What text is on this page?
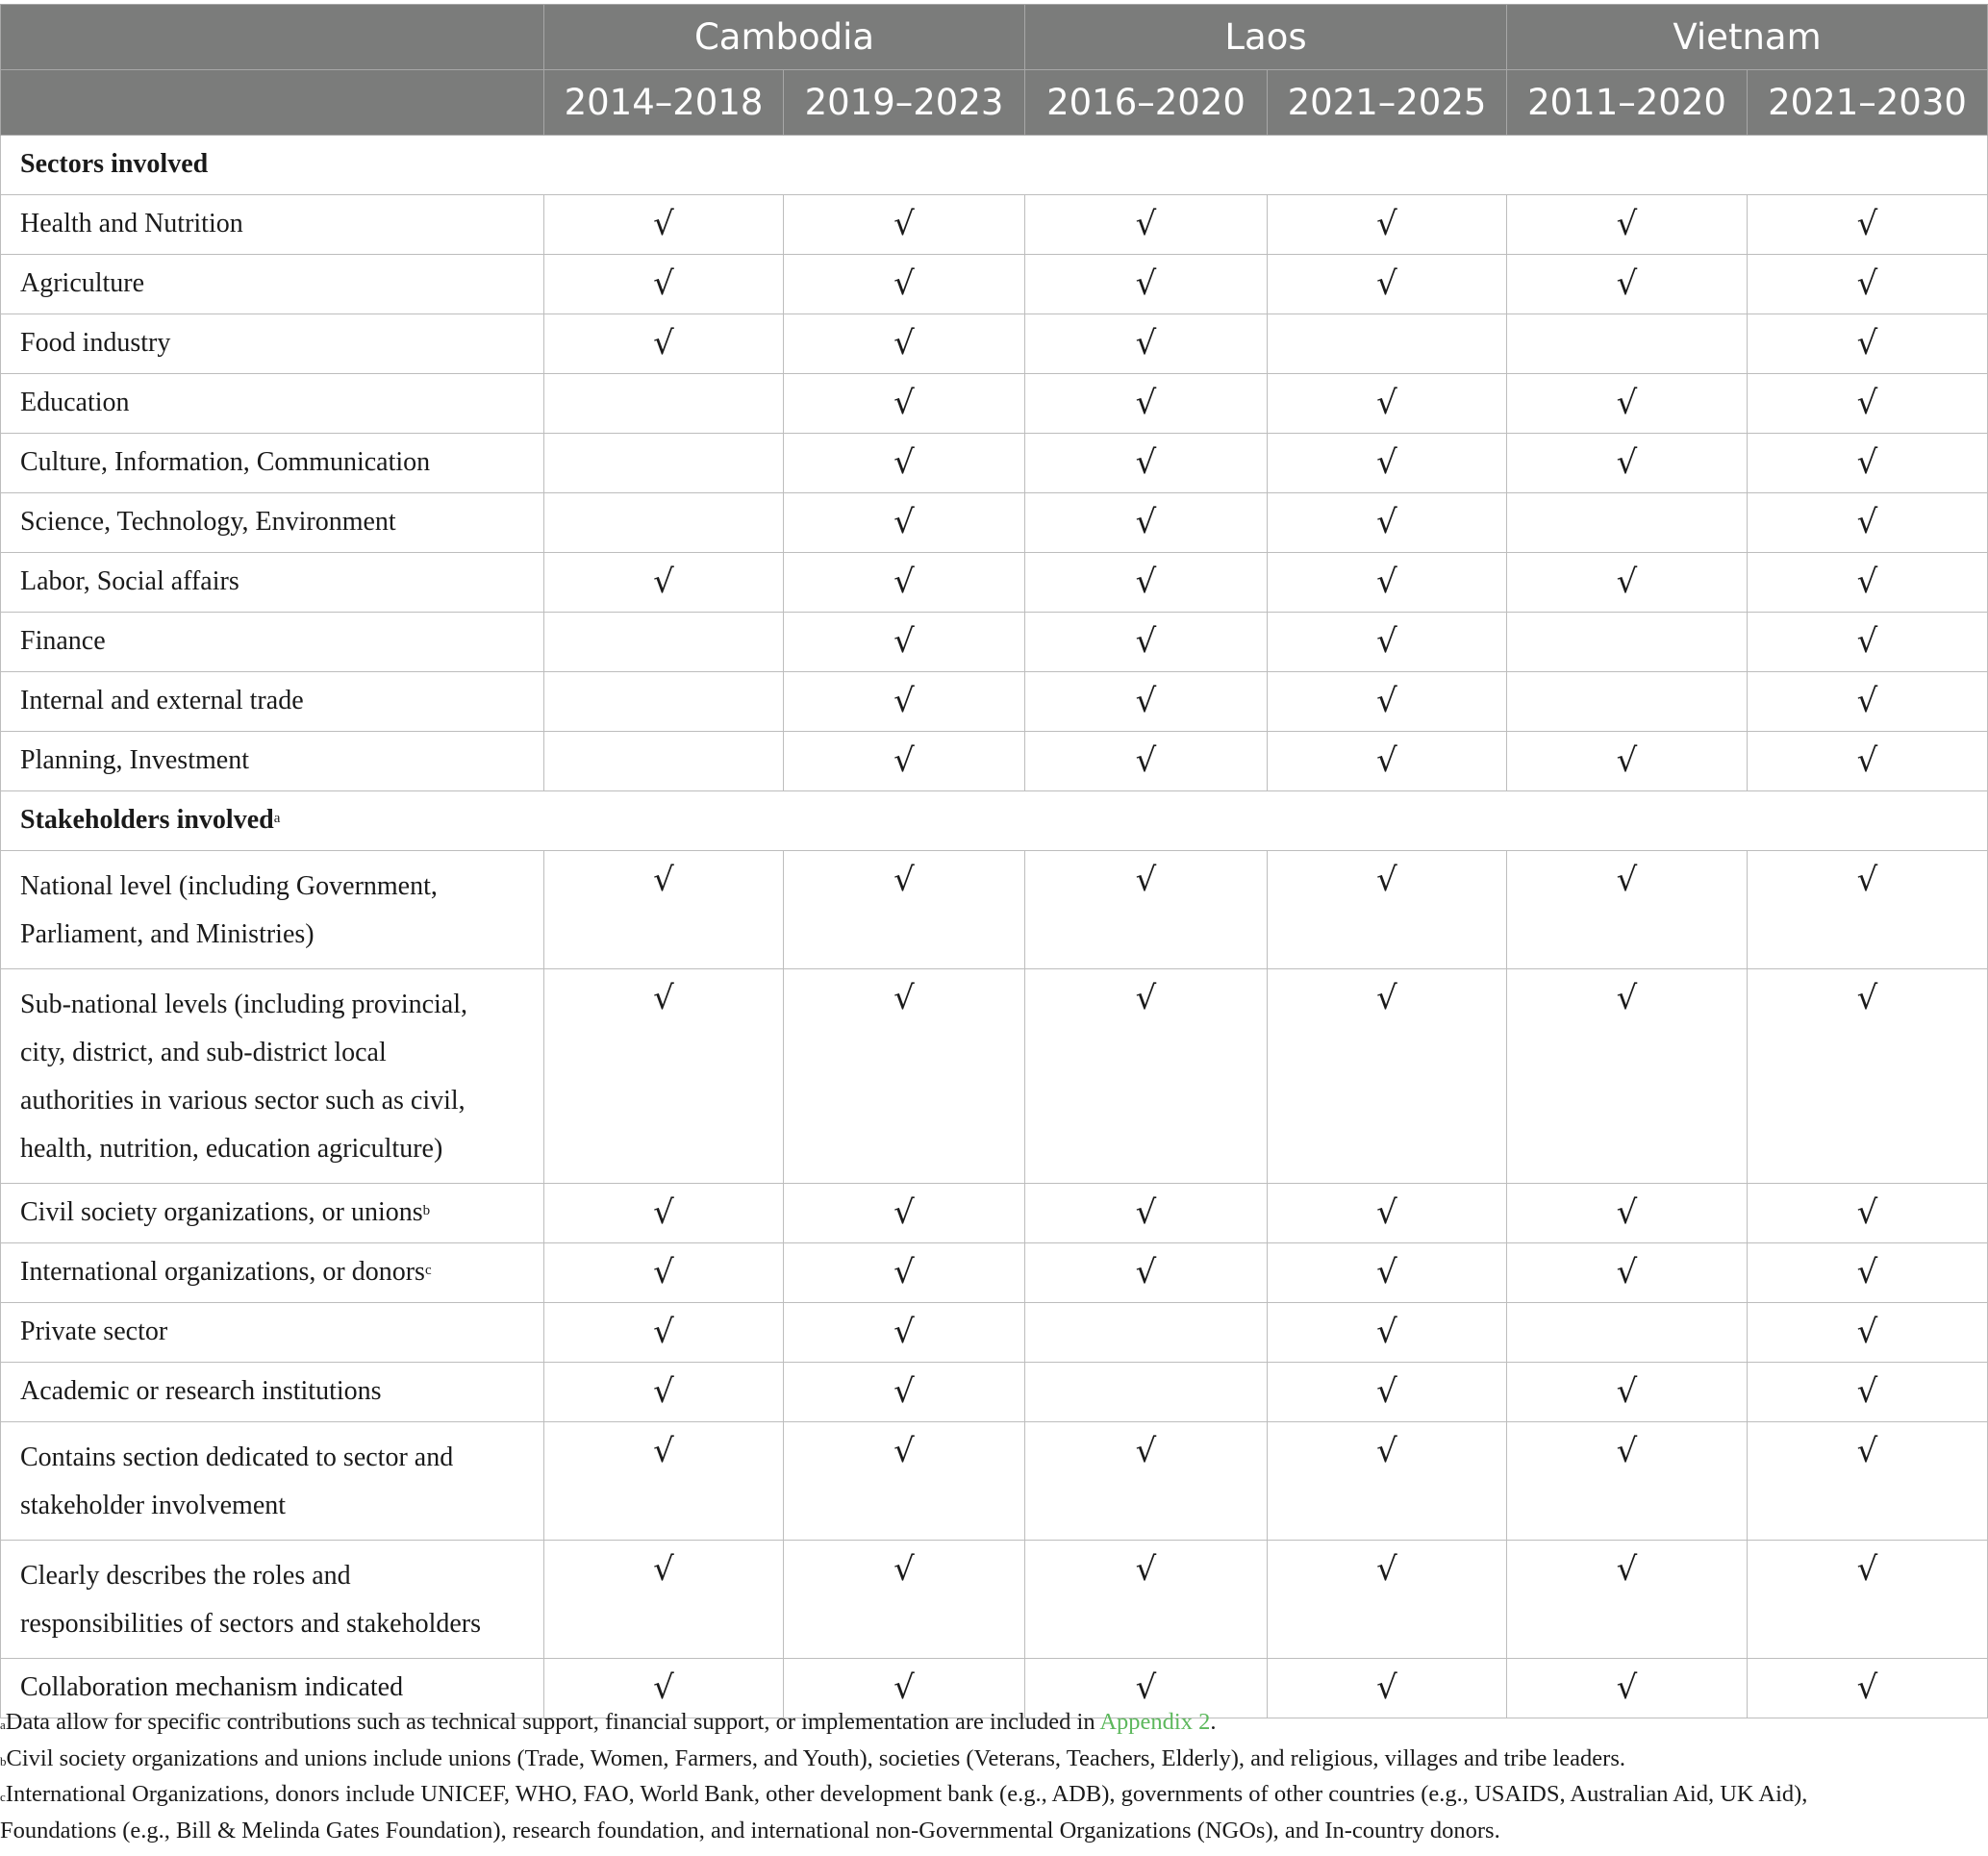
	Cambodia		Laos		Vietnam	
	2014–2018	2019–2023	2016–2020	2021–2025	2011–2020	2021–2030
Sectors involved						
Health and Nutrition	√	√	√	√	√	√
Agriculture	√	√	√	√	√	√
Food industry	√	√	√			√
Education		√	√	√	√	√
Culture, Information, Communication		√	√	√	√	√
Science, Technology, Environment		√	√	√		√
Labor, Social affairs	√	√	√	√	√	√
Finance		√	√	√		√
Internal and external trade		√	√	√		√
Planning, Investment		√	√	√	√	√
Stakeholders involved$^a$
National level (including Government,
Parliament, and Ministries)	√	√	√	√	√	√
Sub-national levels (including provincial,
city, district, and sub-district local
authorities in various sector such as civil,
health, nutrition, education agriculture)	√	√	√	√	√	√
Civil society organizations, or unions$^b$	√	√	√	√	√	√
International organizations, or donors$^c$	√	√	√	√	√	√
Private sector	√	√		√		√
Academic or research institutions	√	√		√	√	√
Contains section dedicated to sector and
stakeholder involvement	√	√	√	√	√	√
Clearly describes the roles and
responsibilities of sectors and stakeholders	√	√	√	√	√	√
Collaboration mechanism indicated	√	√	√	√	√	√

$^a$Data allow for specific contributions such as technical support, financial support, or implementation are included in Appendix 2.

$^b$Civil society organizations and unions include unions (Trade, Women, Farmers, and Youth), societies (Veterans, Teachers, Elderly), and religious, villages and tribe leaders.

$^c$International Organizations, donors include UNICEF, WHO, FAO, World Bank, other development bank (e.g., ADB), governments of other countries (e.g., USAIDS, Australian Aid, UK Aid),
Foundations (e.g., Bill & Melinda Gates Foundation), research foundation, and international non-Governmental Organizations (NGOs), and In-country donors.
